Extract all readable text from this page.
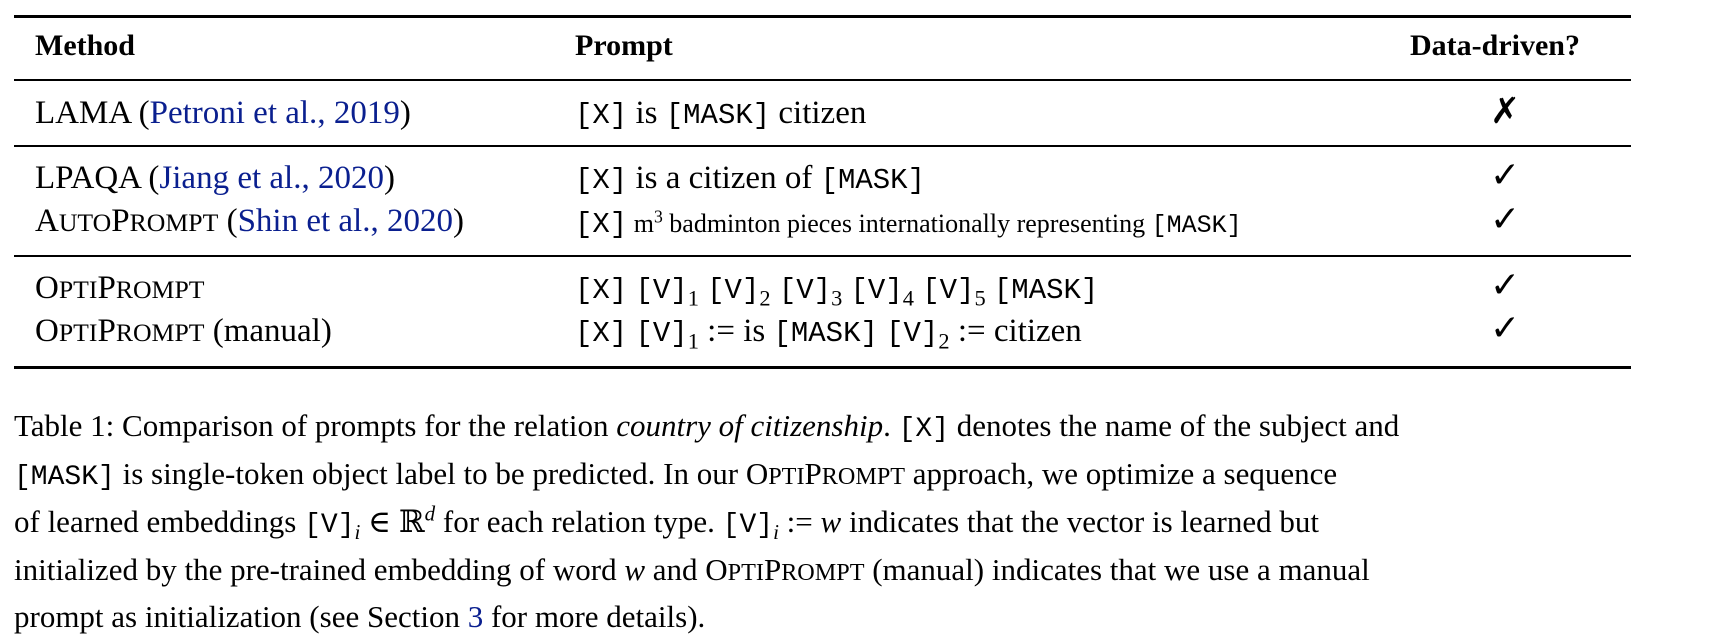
Method	Prompt	Data-driven?
LAMA (Petroni et al., 2019)	[X] is [MASK] citizen	✗
LPAQA (Jiang et al., 2020)	[X] is a citizen of [MASK]	✓
AUTOPROMPT (Shin et al., 2020)	[X] $m^3$ badminton pieces internationally representing [MASK]	✓
OPTIPROMPT	[X] $[V]_1$ $[V]_2$ $[V]_3$ $[V]_4$ $[V]_5$ [MASK]	✓
OPTIPROMPT (manual)	[X] $[V]_1$ := is [MASK] $[V]_2$ := citizen	✓
Table 1: Comparison of prompts for the relation country of citizenship. [X] denotes the name of the subject and
[MASK] is single-token object label to be predicted. In our OPTIPROMPT approach, we optimize a sequence
of learned embeddings $[V]_i$ ∈ ℝ$^d$ for each relation type. $[V]_i$ := w indicates that the vector is learned but
initialized by the pre-trained embedding of word w and OPTIPROMPT (manual) indicates that we use a manual
prompt as initialization (see Section 3 for more details).
